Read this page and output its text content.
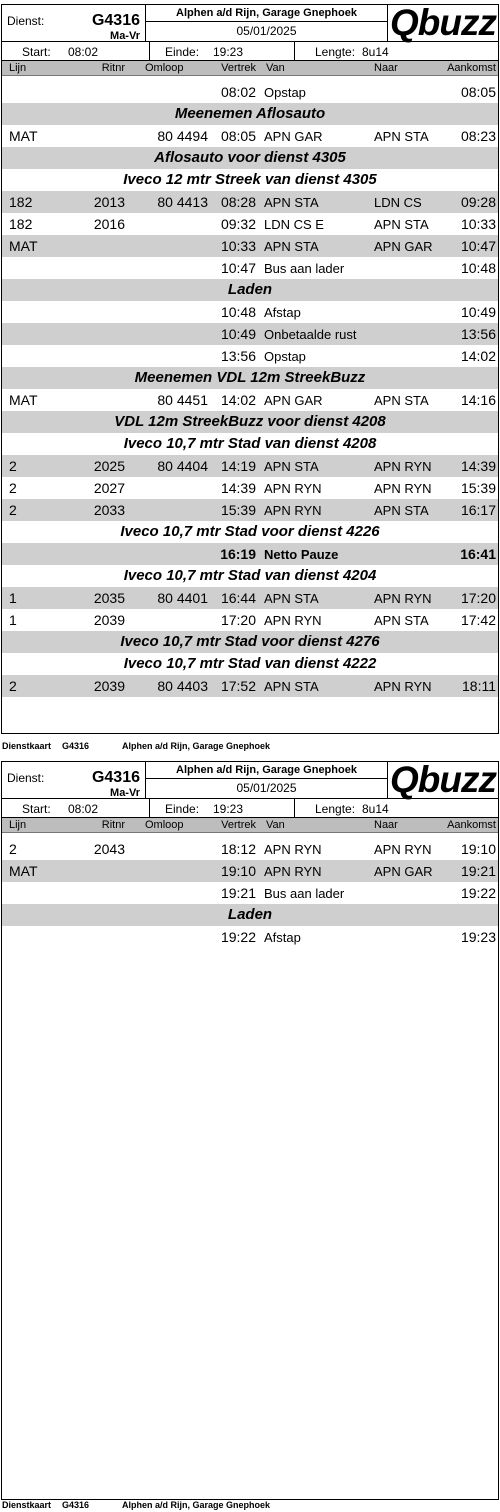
Dienst:	G4316
Ma-Vr
Alphen a/d Rijn, Garage Gnephoek
05/01/2025	Qbuzz
Start: 08:02	Einde: 19:23	Lengte: 8u14
Lijn	Ritnr Omloop	Vertrek Van	Naar	Aankomst
08:02 Opstap	08:05
Meenemen Aflosauto
MAT	80 4494 08:05 APN GAR	APN STA	08:23
Aflosauto voor dienst 4305
Iveco 12 mtr Streek van dienst 4305
182	2013	80 4413 08:28 APN STA	LDN CS	09:28
182	2016	09:32 LDN CS E	APN STA	10:33
MAT	10:33 APN STA	APN GAR	10:47
10:47 Bus aan lader	10:48
Laden
10:48 Afstap	10:49
10:49 Onbetaalde rust	13:56
13:56 Opstap	14:02
Meenemen VDL 12m StreekBuzz
MAT	80 4451 14:02 APN GAR	APN STA	14:16
VDL 12m StreekBuzz voor dienst 4208
Iveco 10,7 mtr Stad van dienst 4208
2	2025	80 4404 14:19 APN STA	APN RYN	14:39
2	2027	14:39 APN RYN	APN RYN	15:39
2	2033	15:39 APN RYN	APN STA	16:17
Iveco 10,7 mtr Stad voor dienst 4226
16:19 Netto Pauze	16:41
Iveco 10,7 mtr Stad van dienst 4204
1	2035	80 4401 16:44 APN STA	APN RYN	17:20
1	2039	17:20 APN RYN	APN STA	17:42
Iveco 10,7 mtr Stad voor dienst 4276
Iveco 10,7 mtr Stad van dienst 4222
2	2039	80 4403 17:52 APN STA	APN RYN	18:11
Dienstkaart G4316	Alphen a/d Rijn, Garage Gnephoek
Dienst:	G4316
Ma-Vr
Alphen a/d Rijn, Garage Gnephoek
05/01/2025	Qbuzz
Start: 08:02	Einde: 19:23	Lengte: 8u14
Lijn	Ritnr Omloop	Vertrek Van	Naar	Aankomst
2	2043	18:12 APN RYN	APN RYN	19:10
MAT	19:10 APN RYN	APN GAR	19:21
19:21 Bus aan lader	19:22
Laden
19:22 Afstap	19:23
Dienstkaart G4316	Alphen a/d Rijn, Garage Gnephoek
